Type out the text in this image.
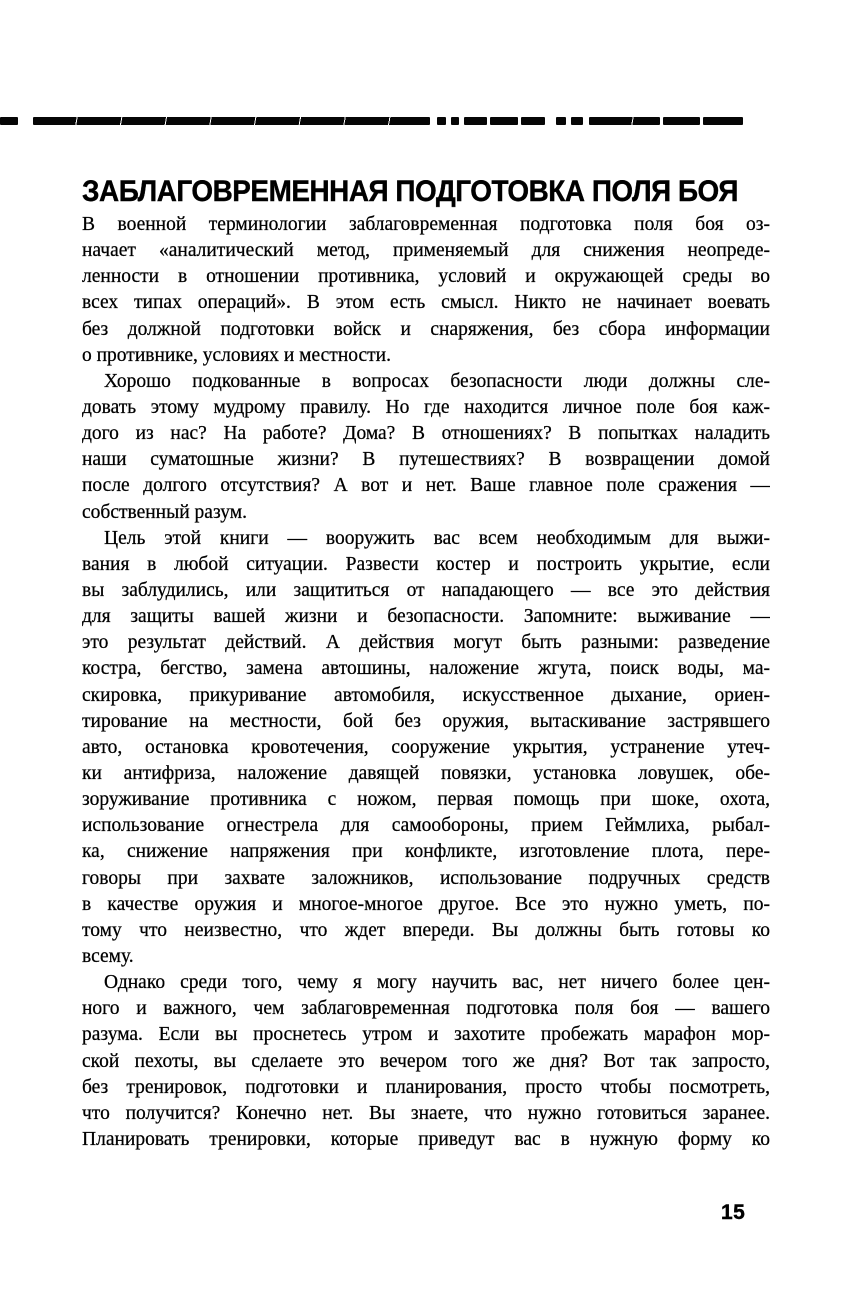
ЗАБЛАГОВРЕМЕННАЯ ПОДГОТОВКА ПОЛЯ БОЯ
В военной терминологии заблаговременная подготовка поля боя оз-
начает «аналитический метод, применяемый для снижения неопреде-
ленности в отношении противника, условий и окружающей среды во
всех типах операций». В этом есть смысл. Никто не начинает воевать
без должной подготовки войск и снаряжения, без сбора информации
о противнике, условиях и местности.
Хорошо подкованные в вопросах безопасности люди должны сле-
довать этому мудрому правилу. Но где находится личное поле боя каж-
дого из нас? На работе? Дома? В отношениях? В попытках наладить
наши суматошные жизни? В путешествиях? В возвращении домой
после долгого отсутствия? А вот и нет. Ваше главное поле сражения —
собственный разум.
Цель этой книги — вооружить вас всем необходимым для выжи-
вания в любой ситуации. Развести костер и построить укрытие, если
вы заблудились, или защититься от нападающего — все это действия
для защиты вашей жизни и безопасности. Запомните: выживание —
это результат действий. А действия могут быть разными: разведение
костра, бегство, замена автошины, наложение жгута, поиск воды, ма-
скировка, прикуривание автомобиля, искусственное дыхание, ориен-
тирование на местности, бой без оружия, вытаскивание застрявшего
авто, остановка кровотечения, сооружение укрытия, устранение утеч-
ки антифриза, наложение давящей повязки, установка ловушек, обе-
зоруживание противника с ножом, первая помощь при шоке, охота,
использование огнестрела для самообороны, прием Геймлиха, рыбал-
ка, снижение напряжения при конфликте, изготовление плота, пере-
говоры при захвате заложников, использование подручных средств
в качестве оружия и многое-многое другое. Все это нужно уметь, по-
тому что неизвестно, что ждет впереди. Вы должны быть готовы ко
всему.
Однако среди того, чему я могу научить вас, нет ничего более цен-
ного и важного, чем заблаговременная подготовка поля боя — вашего
разума. Если вы проснетесь утром и захотите пробежать марафон мор-
ской пехоты, вы сделаете это вечером того же дня? Вот так запросто,
без тренировок, подготовки и планирования, просто чтобы посмотреть,
что получится? Конечно нет. Вы знаете, что нужно готовиться заранее.
Планировать тренировки, которые приведут вас в нужную форму ко
15
